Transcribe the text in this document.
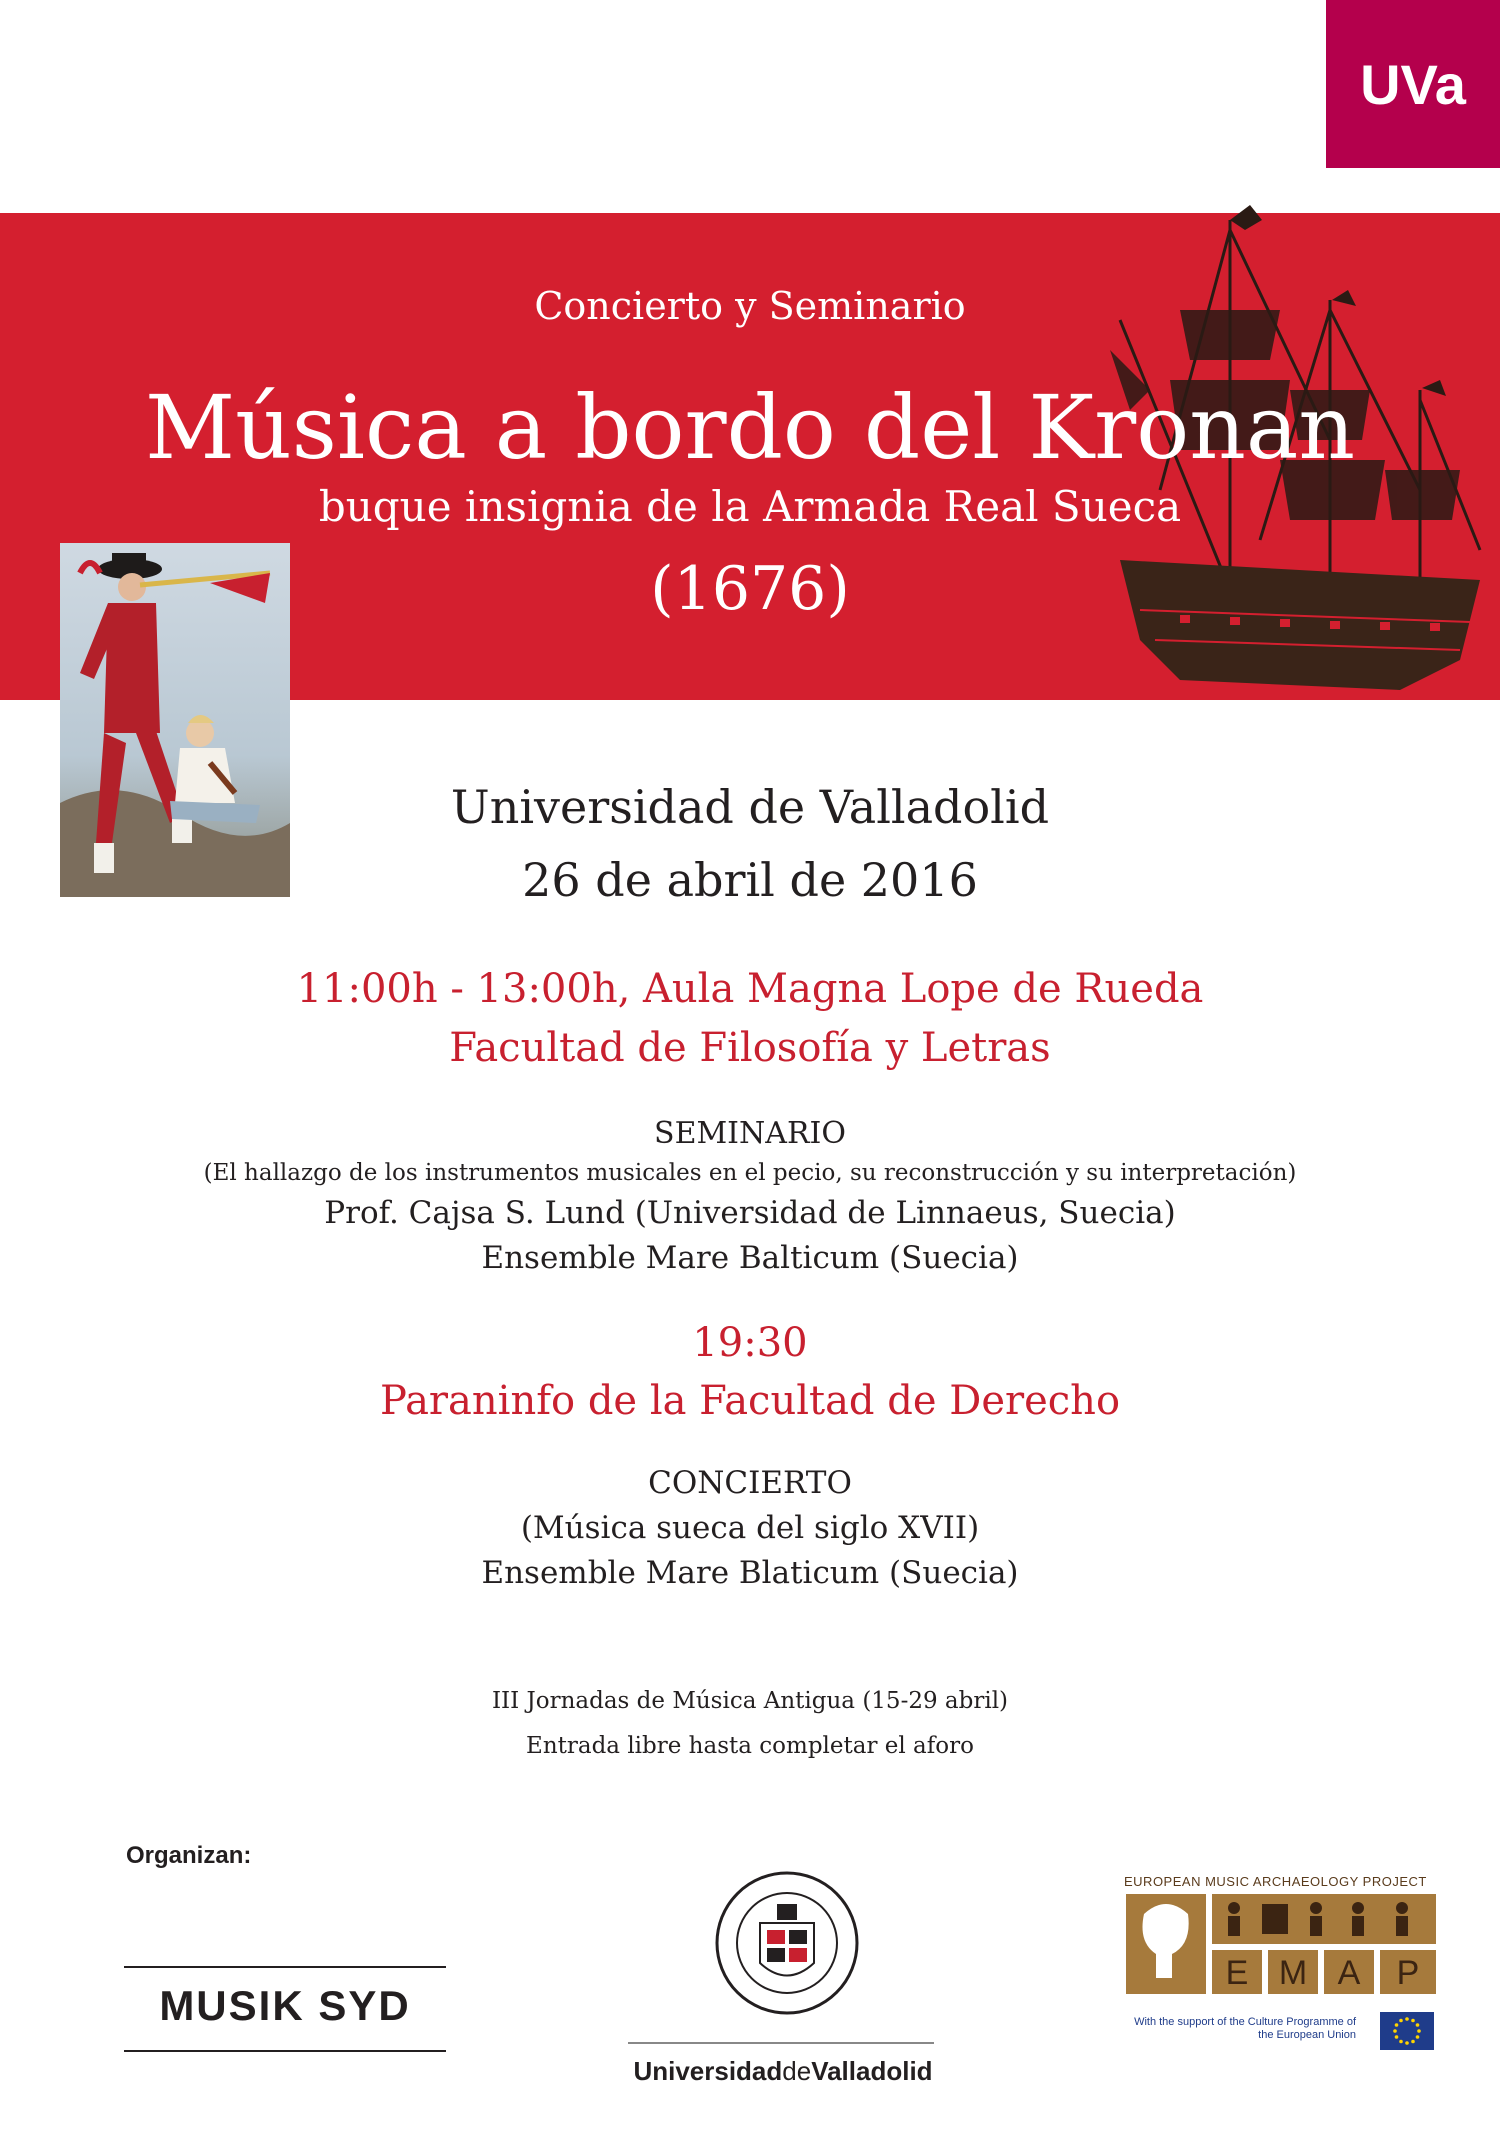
UVa
Concierto y Seminario
Música a bordo del Kronan
buque insignia de la Armada Real Sueca
(1676)
Universidad de Valladolid
26 de abril de 2016
11:00h - 13:00h, Aula Magna Lope de Rueda
Facultad de Filosofía y Letras
SEMINARIO
(El hallazgo de los instrumentos musicales en el pecio, su reconstrucción y su interpretación)
Prof. Cajsa S. Lund (Universidad de Linnaeus, Suecia)
Ensemble Mare Balticum (Suecia)
19:30
Paraninfo de la Facultad de Derecho
CONCIERTO
(Música sueca del siglo XVII)
Ensemble Mare Blaticum (Suecia)
III Jornadas de Música Antigua (15-29 abril)
Entrada libre hasta completar el aforo
Organizan:
MUSIK SYD
UniversidaddeValladolid
EUROPEAN MUSIC ARCHAEOLOGY PROJECT
E M A P
With the support of the Culture Programme of the European Union
